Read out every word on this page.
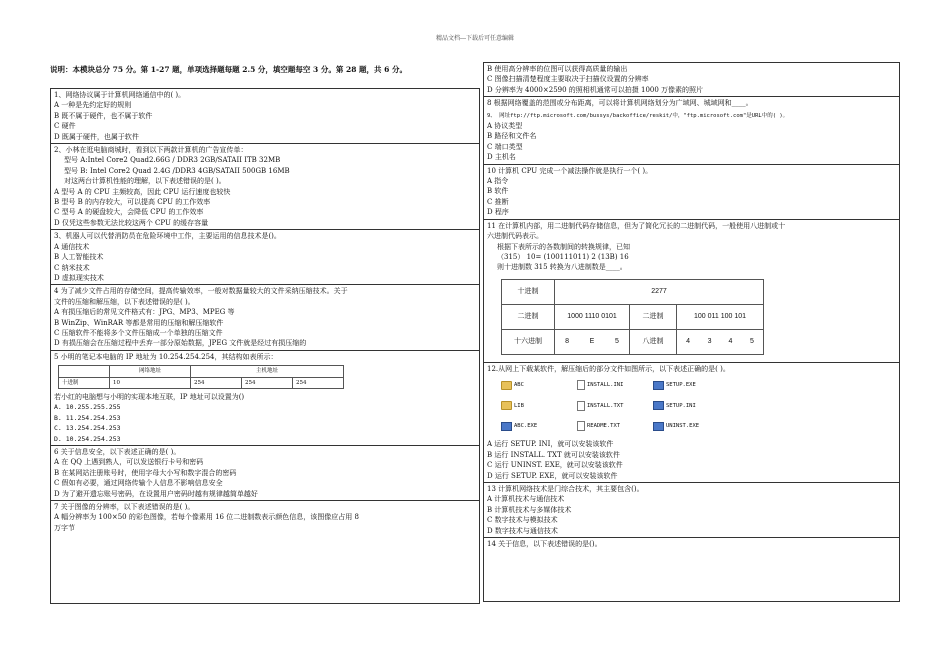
精品文档---下载后可任意编辑
说明：本模块总分 75 分。第 1-27 题，单项选择题每题 2.5 分，填空题每空 3 分。第 28 题，共 6 分。
1、网络协议属于计算机网络通信中的( )。
A 一种是先约定好的规则
B 既不属于硬件，也不属于软件
C 硬件
D 既属于硬件，也属于软件
2、小林在逛电脑商城时，看到以下两款计算机的广告宣传单：
型号 A:Intel Core2 Quad2.66G / DDR3 2GB/SATAII ITB 32MB
型号 B: Intel Core2 Quad 2.4G /DDR3 4GB/SATAII 500GB 16MB
对这两台计算机性能的理解，以下表述错误的是( )。
A 型号 A 的 CPU 主频较高，因此 CPU 运行速度也较快
B 型号 B 的内存较大，可以提高 CPU 的工作效率
C 型号 A 的硬盘较大，会降低 CPU 的工作效率
D 仅凭这些参数无法比较这两个 CPU 的缓存容量
3、机器人可以代替消防员在危险环境中工作，主要运用的信息技术是()。
A 通信技术
B 人工智能技术
C 纳米技术
D 虚拟现实技术
4 为了减少文件占用的存储空间，提高传输效率，一般对数据量较大的文件采纳压缩技术。关于
文件的压缩和解压缩，以下表述错误的是( )。
A 有损压缩后的常见文件格式有：JPG、MP3、MPEG 等
B WinZip、WinRAR 等都是常用的压缩和解压缩软件
C 压缩软件不能将多个文件压缩成一个单独的压缩文件
D 有损压缩会在压缩过程中丢弃一部分原始数据，JPEG 文件就是经过有损压缩的
5 小明的笔记本电脑的 IP 地址为 10.254.254.254，其结构如表所示：
	网络地址	主机地址		
十进制	10	254	254	254
若小红的电脑想与小明的实现本地互联，IP 地址可以设置为()
A. 10.255.255.255
B. 11.254.254.253
C. 13.254.254.253
D. 10.254.254.253
6 关于信息安全，以下表述正确的是( )。
A 在 QQ 上遇到熟人，可以发送银行卡号和密码
B 在某网站注册账号时，使用字母大小写和数字混合的密码
C 假如有必要，通过网络传输个人信息不影响信息安全
D 为了避开遗忘账号密码，在设置用户密码时越有规律越简单越好
7 关于图像的分辨率，以下表述错误的是( )。
A 幅分辨率为 100×50 的彩色图像，若每个像素用 16 位二进制数表示颜色信息，该图像应占用 8
万字节
B 使用高分辨率的位图可以获得高质量的输出
C 图像扫描清楚程度主要取决于扫描仪设置的分辨率
D 分辨率为 4000×2590 的照相机通常可以拍摄 1000 万像素的照片
8 根据网络覆盖的范围或分布距离，可以将计算机网络划分为广域网、城域网和____。
9、 网址ftp://ftp.microsoft.com/bussys/backoffice/reskit/中，"ftp.microsoft.com"是URL中的( )。
A 协议类型
B 路径和文件名
C 端口类型
D 主机名
10 计算机 CPU 完成一个减法操作就是执行一个( )。
A 指令
B 软件
C 推断
D 程序
11 在计算机内部，用二进制代码存储信息，但为了简化冗长的二进制代码，一般使用八进制或十
六进制代码表示。
根据下表所示的各数制间的转换规律，已知
（315） 10= (100111011) 2 (13B) 16
则十进制数 315 转换为八进制数是____。
十进制	2277							
二进制	1000 1110 0101			二进制	100 011 100 101			
十六进制	8	E	5	八进制	4	3	4	5
12.从网上下载某软件，解压缩后的部分文件如图所示，以下表述正确的是( )。
ABC	INSTALL.INI	SETUP.EXE
LIB	INSTALL.TXT	SETUP.INI
ABC.EXE	README.TXT	UNINST.EXE
A 运行 SETUP. INI，就可以安装该软件
B 运行 INSTALL. TXT 就可以安装该软件
C 运行 UNINST. EXE，就可以安装该软件
D 运行 SETUP. EXE，就可以安装该软件
13 计算机网络技术是门综合技术，其主要包含()。
A 计算机技术与通信技术
B 计算机技术与多媒体技术
C 数字技术与模拟技术
D 数字技术与通信技术
14 关于信息，以下表述错误的是()。
